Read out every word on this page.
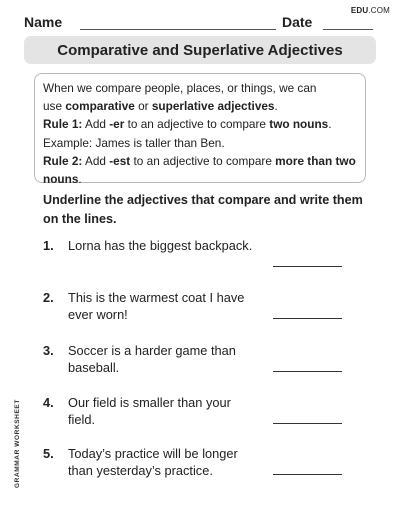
EDU.COM
Name	Date
Comparative and Superlative Adjectives

When we compare people, places, or things, we can

use comparative or superlative adjectives.

Rule 1: Add -er to an adjective to compare two nouns.

Example: James is taller than Ben.

Rule 2: Add -est to an adjective to compare more than two

nouns.

Underline the adjectives that compare and write them
on the lines.
1. Lorna has the biggest backpack.
2. This is the warmest coat I have
ever worn!
3. Soccer is a harder game than
baseball.
4. Our field is smaller than your
field.
5. Today’s practice will be longer
than yesterday’s practice.
GRAMMAR WORKSHEET
